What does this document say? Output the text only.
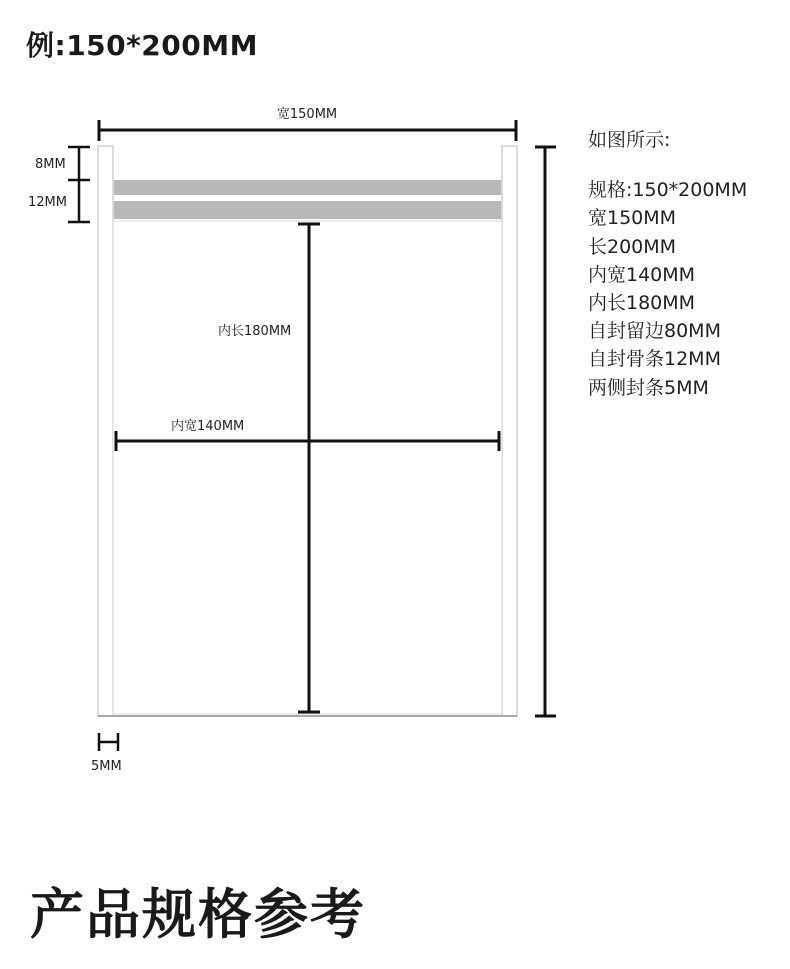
例:150*200MM
宽150MM
8MM
12MM
内长180MM
内宽140MM
5MM
如图所示:
规格:150*200MM
宽150MM
长200MM
内宽140MM
内长180MM
自封留边80MM
自封骨条12MM
两侧封条5MM
产品规格参考
